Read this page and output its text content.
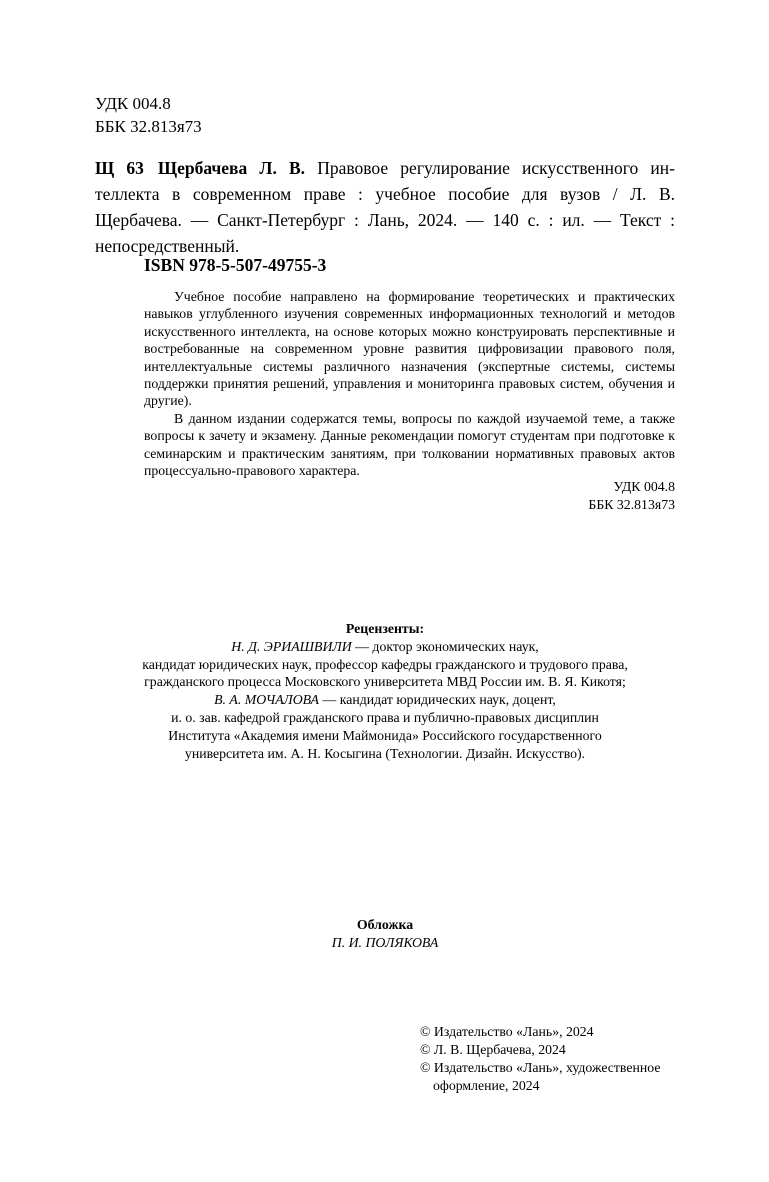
УДК 004.8
ББК 32.813я73
Щ 63 Щербачева Л. В. Правовое регулирование искусственного ин- теллекта в современном праве : учебное пособие для вузов / Л. В. Щербачева. — Санкт-Петербург : Лань, 2024. — 140 с. : ил. — Текст : непосредственный.
ISBN 978-5-507-49755-3

Учебное пособие направлено на формирование теоретических и практических навыков углубленного изучения современных информационных технологий и методов искусственного интеллекта, на основе которых можно конструировать перспективные и востребованные на современном уровне развития цифровизации правового поля, интеллектуальные системы различного назначения (экспертные системы, системы поддержки принятия решений, управления и мониторинга правовых систем, обучения и другие).

В данном издании содержатся темы, вопросы по каждой изучаемой теме, а также вопросы к зачету и экзамену. Данные рекомендации помогут студентам при подготовке к семинарским и практическим занятиям, при толковании нормативных правовых актов процессуально-правового характера.

УДК 004.8
ББК 32.813я73
Рецензенты:
Н. Д. ЭРИАШВИЛИ — доктор экономических наук,
кандидат юридических наук, профессор кафедры гражданского и трудового права,
гражданского процесса Московского университета МВД России им. В. Я. Кикотя;
В. А. МОЧАЛОВА — кандидат юридических наук, доцент,
и. о. зав. кафедрой гражданского права и публично-правовых дисциплин
Института «Академия имени Маймонида» Российского государственного
университета им. А. Н. Косыгина (Технологии. Дизайн. Искусство).
Обложка
П. И. ПОЛЯКОВА
© Издательство «Лань», 2024
© Л. В. Щербачева, 2024
© Издательство «Лань», художественное оформление, 2024
